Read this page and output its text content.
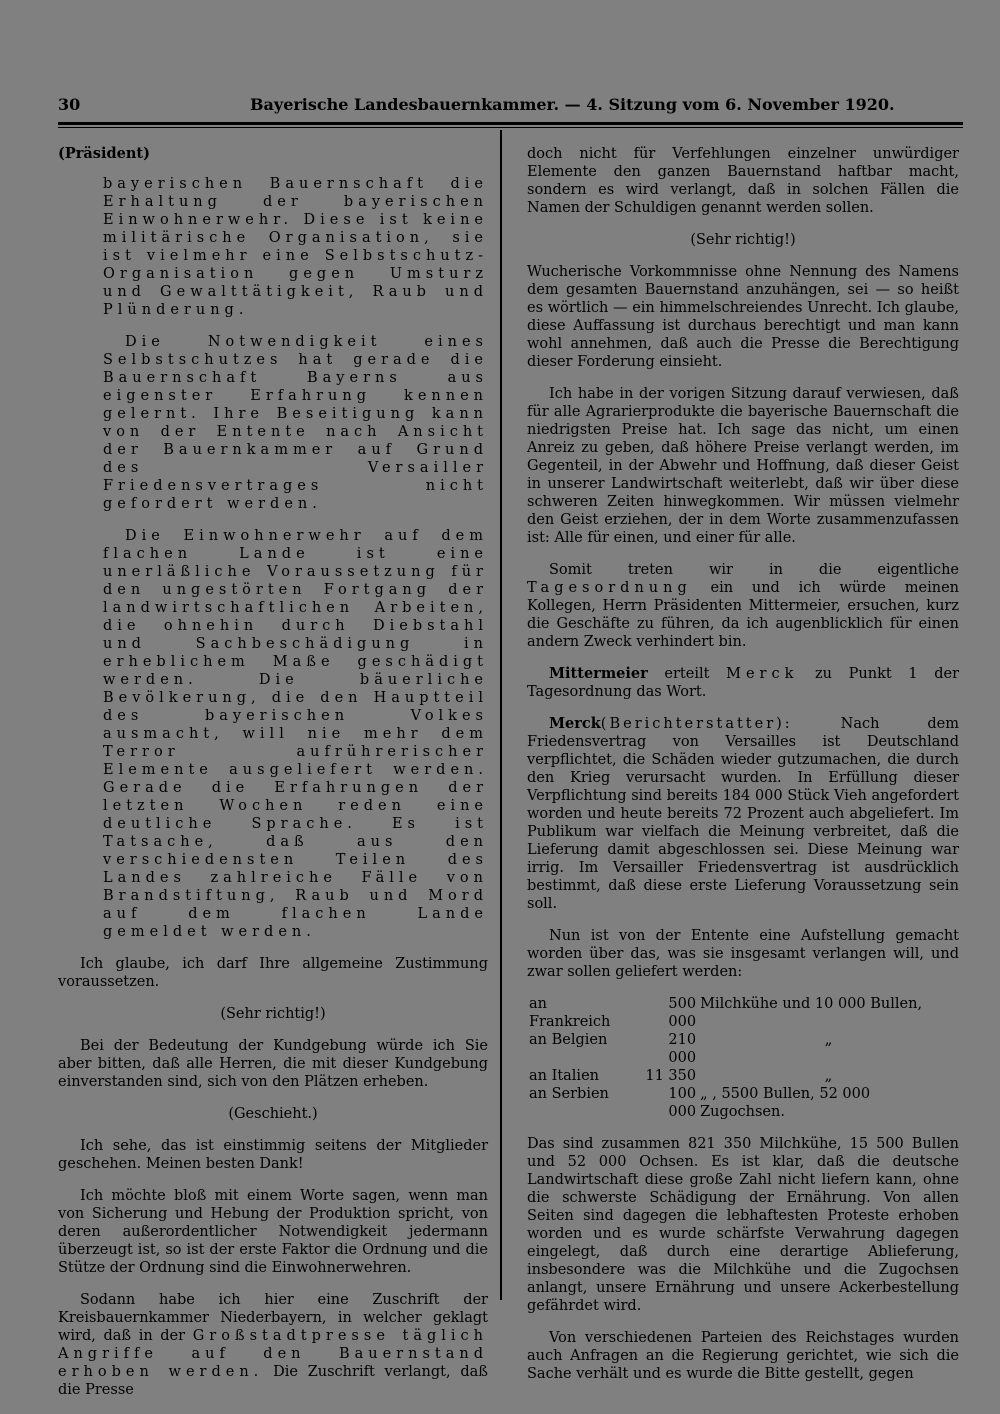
30	Bayerische Landesbauernkammer. — 4. Sitzung vom 6. November 1920.

(Präsident)

bayerischen Bauernschaft die Erhaltung der bayerischen Einwohnerwehr. Diese ist keine militärische Organisation, sie ist vielmehr eine Selbstschutz-Organisation gegen Umsturz und Gewalttätigkeit, Raub und Plünderung.

Die Notwendigkeit eines Selbstschutzes hat gerade die Bauernschaft Bayerns aus eigenster Erfahrung kennen gelernt. Ihre Beseitigung kann von der Entente nach Ansicht der Bauernkammer auf Grund des Versailler Friedensvertrages nicht gefordert werden.

Die Einwohnerwehr auf dem flachen Lande ist eine unerläßliche Voraussetzung für den ungestörten Fortgang der landwirtschaftlichen Arbeiten, die ohnehin durch Diebstahl und Sachbeschädigung in erheblichem Maße geschädigt werden. Die bäuerliche Bevölkerung, die den Hauptteil des bayerischen Volkes ausmacht, will nie mehr dem Terror aufrührerischer Elemente ausgeliefert werden. Gerade die Erfahrungen der letzten Wochen reden eine deutliche Sprache. Es ist Tatsache, daß aus den verschiedensten Teilen des Landes zahlreiche Fälle von Brandstiftung, Raub und Mord auf dem flachen Lande gemeldet werden.

Ich glaube, ich darf Ihre allgemeine Zustimmung voraussetzen.

(Sehr richtig!)

Bei der Bedeutung der Kundgebung würde ich Sie aber bitten, daß alle Herren, die mit dieser Kundgebung einverstanden sind, sich von den Plätzen erheben.

(Geschieht.)

Ich sehe, das ist einstimmig seitens der Mitglieder geschehen. Meinen besten Dank!

Ich möchte bloß mit einem Worte sagen, wenn man von Sicherung und Hebung der Produktion spricht, von deren außerordentlicher Notwendigkeit jedermann überzeugt ist, so ist der erste Faktor die Ordnung und die Stütze der Ordnung sind die Einwohnerwehren.

Sodann habe ich hier eine Zuschrift der Kreisbauernkammer Niederbayern, in welcher geklagt wird, daß in der Großstadtpresse täglich Angriffe auf den Bauernstand erhoben werden. Die Zuschrift verlangt, daß die Presse

doch nicht für Verfehlungen einzelner unwürdiger Elemente den ganzen Bauernstand haftbar macht, sondern es wird verlangt, daß in solchen Fällen die Namen der Schuldigen genannt werden sollen.

(Sehr richtig!)

Wucherische Vorkommnisse ohne Nennung des Namens dem gesamten Bauernstand anzuhängen, sei — so heißt es wörtlich — ein himmelschreiendes Unrecht. Ich glaube, diese Auffassung ist durchaus berechtigt und man kann wohl annehmen, daß auch die Presse die Berechtigung dieser Forderung einsieht.

Ich habe in der vorigen Sitzung darauf verwiesen, daß für alle Agrarierprodukte die bayerische Bauernschaft die niedrigsten Preise hat. Ich sage das nicht, um einen Anreiz zu geben, daß höhere Preise verlangt werden, im Gegenteil, in der Abwehr und Hoffnung, daß dieser Geist in unserer Landwirtschaft weiterlebt, daß wir über diese schweren Zeiten hinwegkommen. Wir müssen vielmehr den Geist erziehen, der in dem Worte zusammenzufassen ist: Alle für einen, und einer für alle.

Somit treten wir in die eigentliche Tagesordnung ein und ich würde meinen Kollegen, Herrn Präsidenten Mittermeier, ersuchen, kurz die Geschäfte zu führen, da ich augenblicklich für einen andern Zweck verhindert bin.

Mittermeier erteilt Merck zu Punkt 1 der Tagesordnung das Wort.

Merck(Berichterstatter): Nach dem Friedensvertrag von Versailles ist Deutschland verpflichtet, die Schäden wieder gutzumachen, die durch den Krieg verursacht wurden. In Erfüllung dieser Verpflichtung sind bereits 184 000 Stück Vieh angefordert worden und heute bereits 72 Prozent auch abgeliefert. Im Publikum war vielfach die Meinung verbreitet, daß die Lieferung damit abgeschlossen sei. Diese Meinung war irrig. Im Versailler Friedensvertrag ist ausdrücklich bestimmt, daß diese erste Lieferung Voraussetzung sein soll.

Nun ist von der Entente eine Aufstellung gemacht worden über das, was sie insgesamt verlangen will, und zwar sollen geliefert werden:

an Frankreich	500 000	Milchkühe und 10 000 Bullen,
an Belgien	210 000	„
an Italien	11 350	„
an Serbien	100 000	„ , 5500 Bullen, 52 000 Zugochsen.

Das sind zusammen 821 350 Milchkühe, 15 500 Bullen und 52 000 Ochsen. Es ist klar, daß die deutsche Landwirtschaft diese große Zahl nicht liefern kann, ohne die schwerste Schädigung der Ernährung. Von allen Seiten sind dagegen die lebhaftesten Proteste erhoben worden und es wurde schärfste Verwahrung dagegen eingelegt, daß durch eine derartige Ablieferung, insbesondere was die Milchkühe und die Zugochsen anlangt, unsere Ernährung und unsere Ackerbestellung gefährdet wird.

Von verschiedenen Parteien des Reichstages wurden auch Anfragen an die Regierung gerichtet, wie sich die Sache verhält und es wurde die Bitte gestellt, gegen
